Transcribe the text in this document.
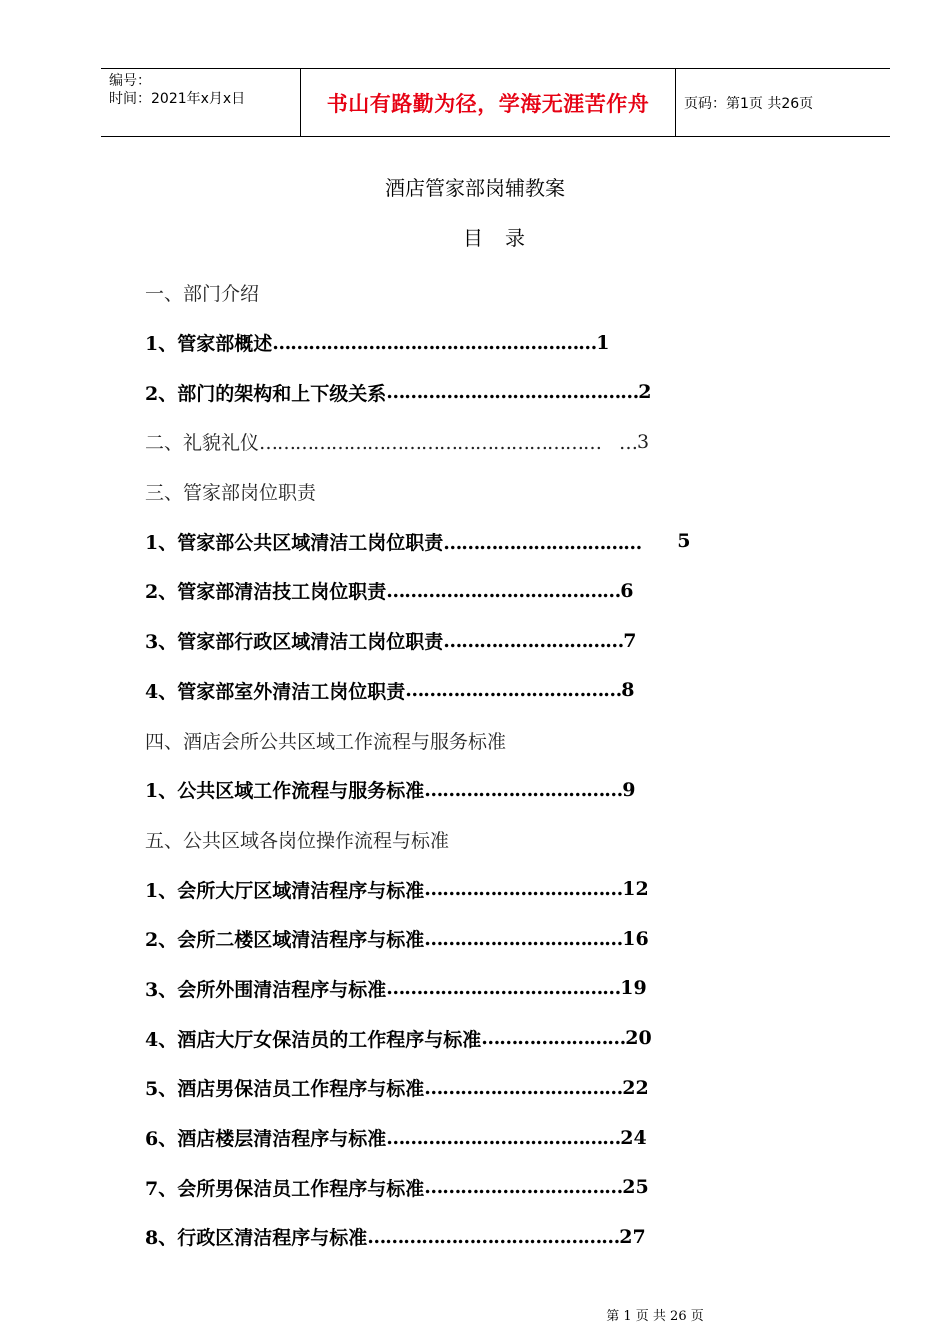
编号：
时间：2021年x月x日	书山有路勤为径，学海无涯苦作舟	页码：第1页 共26页
酒店管家部岗辅教案
目 录
一、部门介绍
1、管家部概述 ……………………………………………… 1
2、部门的架构和上下级关系 …………………………………… 2
二、礼貌礼仪 …………………………………………………　… 3
三、管家部岗位职责
1、管家部公共区域清洁工岗位职责 ……………………………　　 5
2、管家部清洁技工岗位职责 ………………………………… 6
3、管家部行政区域清洁工岗位职责 ………………………… 7
4、管家部室外清洁工岗位职责 ……………………………… 8
四、酒店会所公共区域工作流程与服务标准
1、公共区域工作流程与服务标准 …………………………… 9
五、公共区域各岗位操作流程与标准
1、会所大厅区域清洁程序与标准 …………………………… 12
2、会所二楼区域清洁程序与标准 …………………………… 16
3、会所外围清洁程序与标准 ………………………………… 19
4、酒店大厅女保洁员的工作程序与标准 …………………… 20
5、酒店男保洁员工作程序与标准 …………………………… 22
6、酒店楼层清洁程序与标准 ………………………………… 24
7、会所男保洁员工作程序与标准 …………………………… 25
8、行政区清洁程序与标准 …………………………………… 27
第 1 页 共 26 页
